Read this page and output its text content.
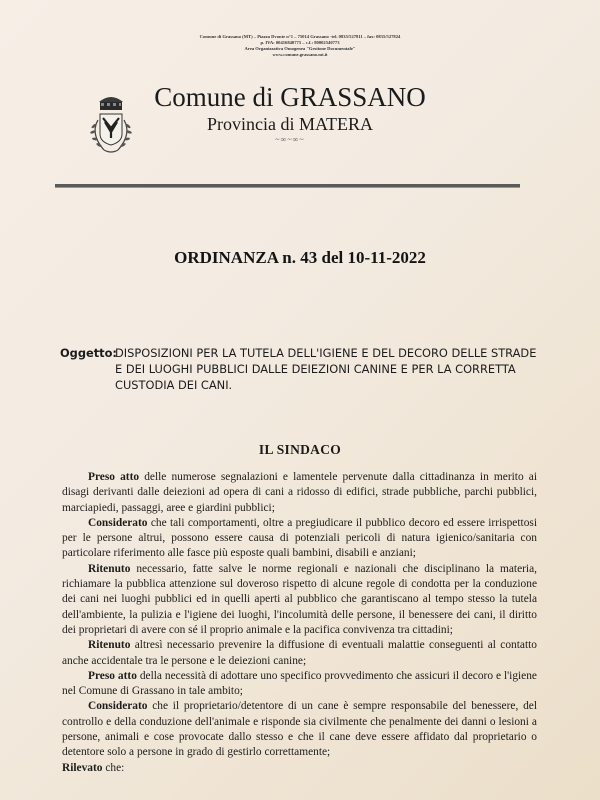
Comune di Grassano (MT) – Piazza Dvonte n°1 – 75014 Grassano -tel. 0835/527811 – fax: 0835/527824
p. IVA: 00416840775 – c.f.: 80002540773
Area Organizzativa Omogenea "Gestione Documentale"
www.comune.grassano.mt.it
Comune di GRASSANO
Provincia di MATERA
~∞~∞~
ORDINANZA n. 43 del 10-11-2022
Oggetto:
DISPOSIZIONI PER LA TUTELA DELL'IGIENE E DEL DECORO DELLE STRADE E DEI LUOGHI PUBBLICI DALLE DEIEZIONI CANINE E PER LA CORRETTA CUSTODIA DEI CANI.
IL SINDACO

Preso atto delle numerose segnalazioni e lamentele pervenute dalla cittadinanza in merito ai disagi derivanti dalle deiezioni ad opera di cani a ridosso di edifici, strade pubbliche, parchi pubblici, marciapiedi, passaggi, aree e giardini pubblici;

Considerato che tali comportamenti, oltre a pregiudicare il pubblico decoro ed essere irrispettosi per le persone altrui, possono essere causa di potenziali pericoli di natura igienico/sanitaria con particolare riferimento alle fasce più esposte quali bambini, disabili e anziani;

Ritenuto necessario, fatte salve le norme regionali e nazionali che disciplinano la materia, richiamare la pubblica attenzione sul doveroso rispetto di alcune regole di condotta per la conduzione dei cani nei luoghi pubblici ed in quelli aperti al pubblico che garantiscano al tempo stesso la tutela dell'ambiente, la pulizia e l'igiene dei luoghi, l'incolumità delle persone, il benessere dei cani, il diritto dei proprietari di avere con sé il proprio animale e la pacifica convivenza tra cittadini;

Ritenuto altresì necessario prevenire la diffusione di eventuali malattie conseguenti al contatto anche accidentale tra le persone e le deiezioni canine;

Preso atto della necessità di adottare uno specifico provvedimento che assicuri il decoro e l'igiene nel Comune di Grassano in tale ambito;

Considerato che il proprietario/detentore di un cane è sempre responsabile del benessere, del controllo e della conduzione dell'animale e risponde sia civilmente che penalmente dei danni o lesioni a persone, animali e cose provocate dallo stesso e che il cane deve essere affidato dal proprietario o detentore solo a persone in grado di gestirlo correttamente;

Rilevato che:
